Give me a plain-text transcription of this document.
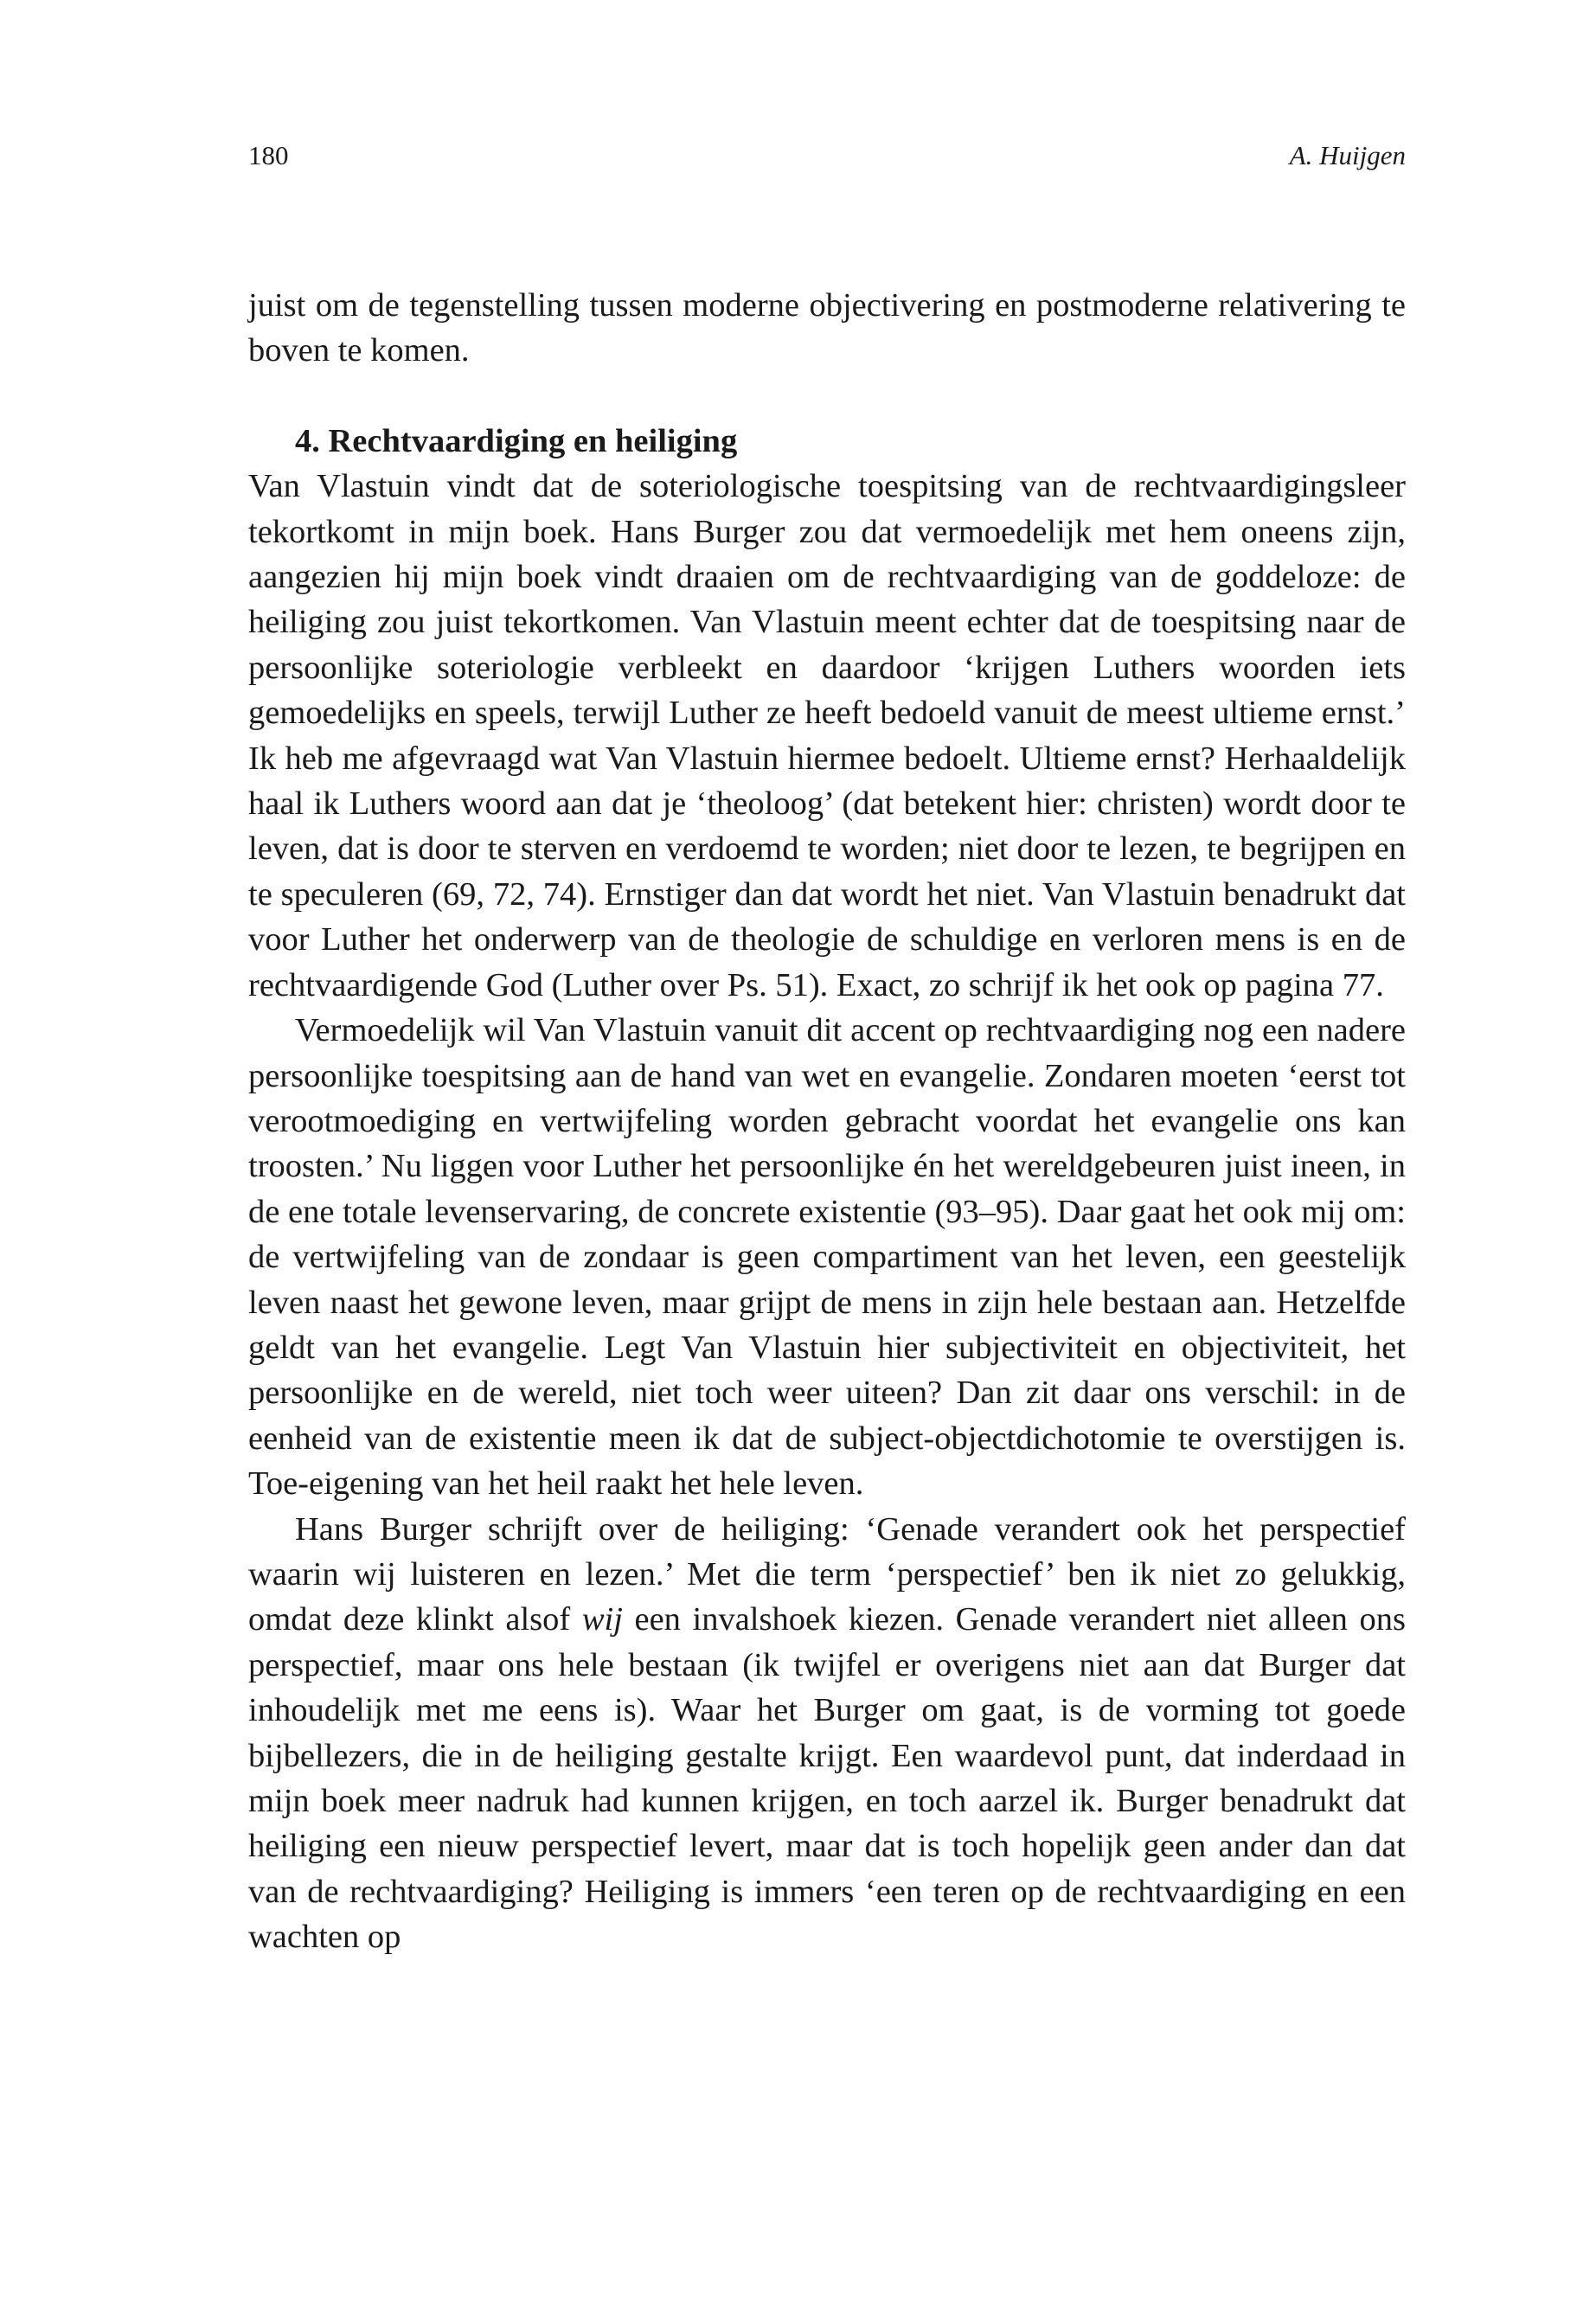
180	A. Huijgen

juist om de tegenstelling tussen moderne objectivering en postmoderne relativering te boven te komen.

4. Rechtvaardiging en heiliging

Van Vlastuin vindt dat de soteriologische toespitsing van de rechtvaardigingsleer tekortkomt in mijn boek. Hans Burger zou dat vermoedelijk met hem oneens zijn, aangezien hij mijn boek vindt draaien om de rechtvaardiging van de goddeloze: de heiliging zou juist tekortkomen. Van Vlastuin meent echter dat de toespitsing naar de persoonlijke soteriologie verbleekt en daardoor ‘krijgen Luthers woorden iets gemoedelijks en speels, terwijl Luther ze heeft bedoeld vanuit de meest ultieme ernst.’ Ik heb me afgevraagd wat Van Vlastuin hiermee bedoelt. Ultieme ernst? Herhaaldelijk haal ik Luthers woord aan dat je ‘theoloog’ (dat betekent hier: christen) wordt door te leven, dat is door te sterven en verdoemd te worden; niet door te lezen, te begrijpen en te speculeren (69, 72, 74). Ernstiger dan dat wordt het niet. Van Vlastuin benadrukt dat voor Luther het onderwerp van de theologie de schuldige en verloren mens is en de rechtvaardigende God (Luther over Ps. 51). Exact, zo schrijf ik het ook op pagina 77.

Vermoedelijk wil Van Vlastuin vanuit dit accent op rechtvaardiging nog een nadere persoonlijke toespitsing aan de hand van wet en evangelie. Zondaren moeten ‘eerst tot verootmoediging en vertwijfeling worden gebracht voordat het evangelie ons kan troosten.’ Nu liggen voor Luther het persoonlijke én het wereldgebeuren juist ineen, in de ene totale levenservaring, de concrete existentie (93–95). Daar gaat het ook mij om: de vertwijfeling van de zondaar is geen compartiment van het leven, een geestelijk leven naast het gewone leven, maar grijpt de mens in zijn hele bestaan aan. Hetzelfde geldt van het evangelie. Legt Van Vlastuin hier subjectiviteit en objectiviteit, het persoonlijke en de wereld, niet toch weer uiteen? Dan zit daar ons verschil: in de eenheid van de existentie meen ik dat de subject-objectdichotomie te overstijgen is. Toe-eigening van het heil raakt het hele leven.

Hans Burger schrijft over de heiliging: ‘Genade verandert ook het perspectief waarin wij luisteren en lezen.’ Met die term ‘perspectief’ ben ik niet zo gelukkig, omdat deze klinkt alsof wij een invalshoek kiezen. Genade verandert niet alleen ons perspectief, maar ons hele bestaan (ik twijfel er overigens niet aan dat Burger dat inhoudelijk met me eens is). Waar het Burger om gaat, is de vorming tot goede bijbellezers, die in de heiliging gestalte krijgt. Een waardevol punt, dat inderdaad in mijn boek meer nadruk had kunnen krijgen, en toch aarzel ik. Burger benadrukt dat heiliging een nieuw perspectief levert, maar dat is toch hopelijk geen ander dan dat van de rechtvaardiging? Heiliging is immers ‘een teren op de rechtvaardiging en een wachten op
